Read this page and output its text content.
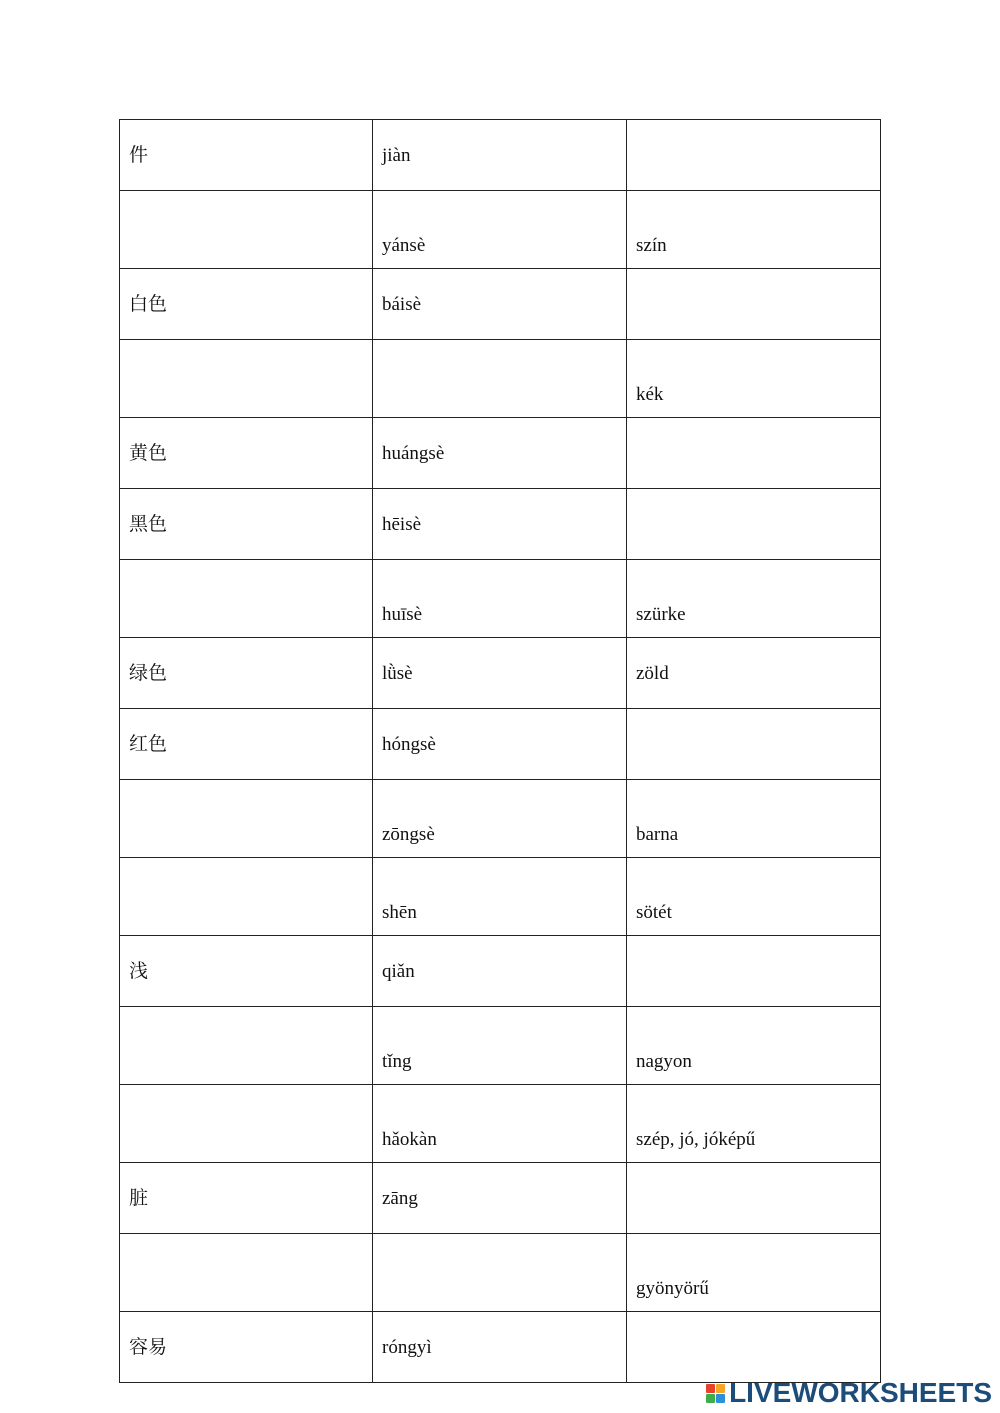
件	jiàn	
	yánsè	szín
白色	báisè	
		kék
黄色	huángsè	
黑色	hēisè	
	huīsè	szürke
绿色	lǜsè	zöld
红色	hóngsè	
	zōngsè	barna
	shēn	sötét
浅	qiǎn	
	tǐng	nagyon
	hǎokàn	szép, jó, jóképű
脏	zāng	
		gyönyörű
容易	róngyì	
LIVEWORKSHEETS
